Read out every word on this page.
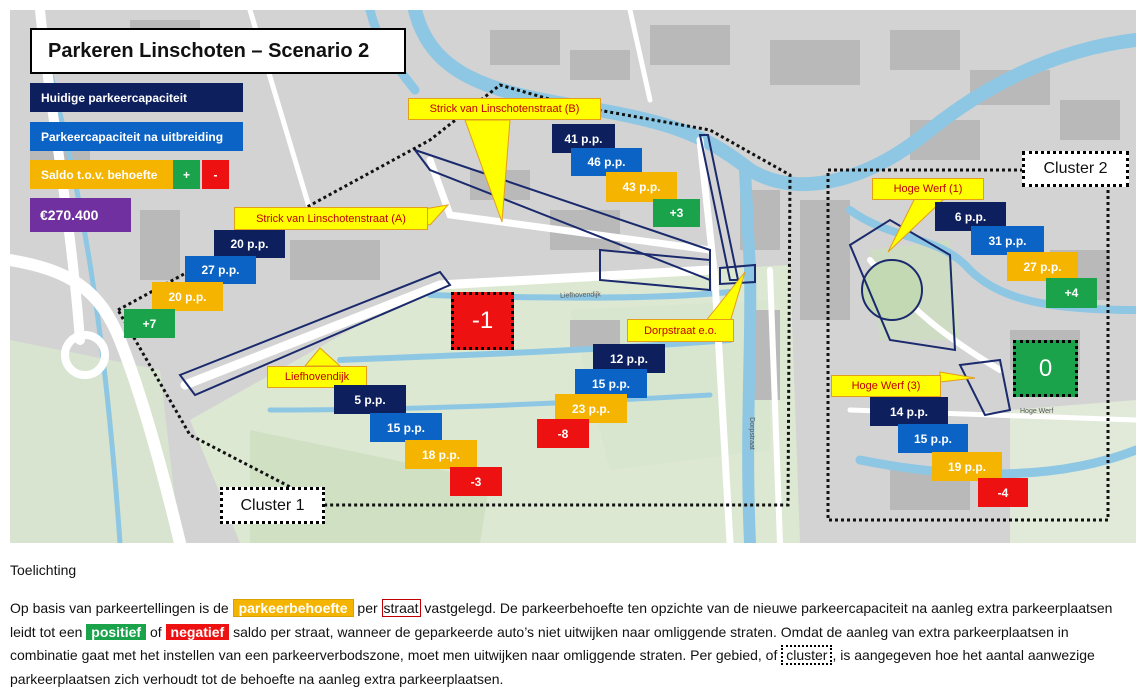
Parkeren Linschoten – Scenario 2
Huidige parkeercapaciteit
Parkeercapaciteit na uitbreiding
Saldo t.o.v. behoefte	+	-
€270.400
Strick van Linschotenstraat (B)
Strick van Linschotenstraat (A)
Liefhovendijk
Dorpstraat e.o.
Hoge Werf (1)
Hoge Werf (3)
41 p.p.
46 p.p.
43 p.p.
+3
20 p.p.
27 p.p.
20 p.p.
+7
5 p.p.
15 p.p.
18 p.p.
-3
12 p.p.
15 p.p.
23 p.p.
-8
6 p.p.
31 p.p.
27 p.p.
+4
14 p.p.
15 p.p.
19 p.p.
-4
-1
0
Cluster 1
Cluster 2
Liefhovendijk
Dorpstraat
Hoge Werf
Toelichting
Op basis van parkeertellingen is de parkeerbehoefte per straat vastgelegd. De parkeerbehoefte ten opzichte van de nieuwe parkeercapaciteit na aanleg extra parkeerplaatsen leidt tot een positief of negatief saldo per straat, wanneer de geparkeerde auto’s niet uitwijken naar omliggende straten. Omdat de aanleg van extra parkeerplaatsen in combinatie gaat met het instellen van een parkeerverbodszone, moet men uitwijken naar omliggende straten. Per gebied, of cluster , is aangegeven hoe het aantal aanwezige parkeerplaatsen zich verhoudt tot de behoefte na aanleg extra parkeerplaatsen.
